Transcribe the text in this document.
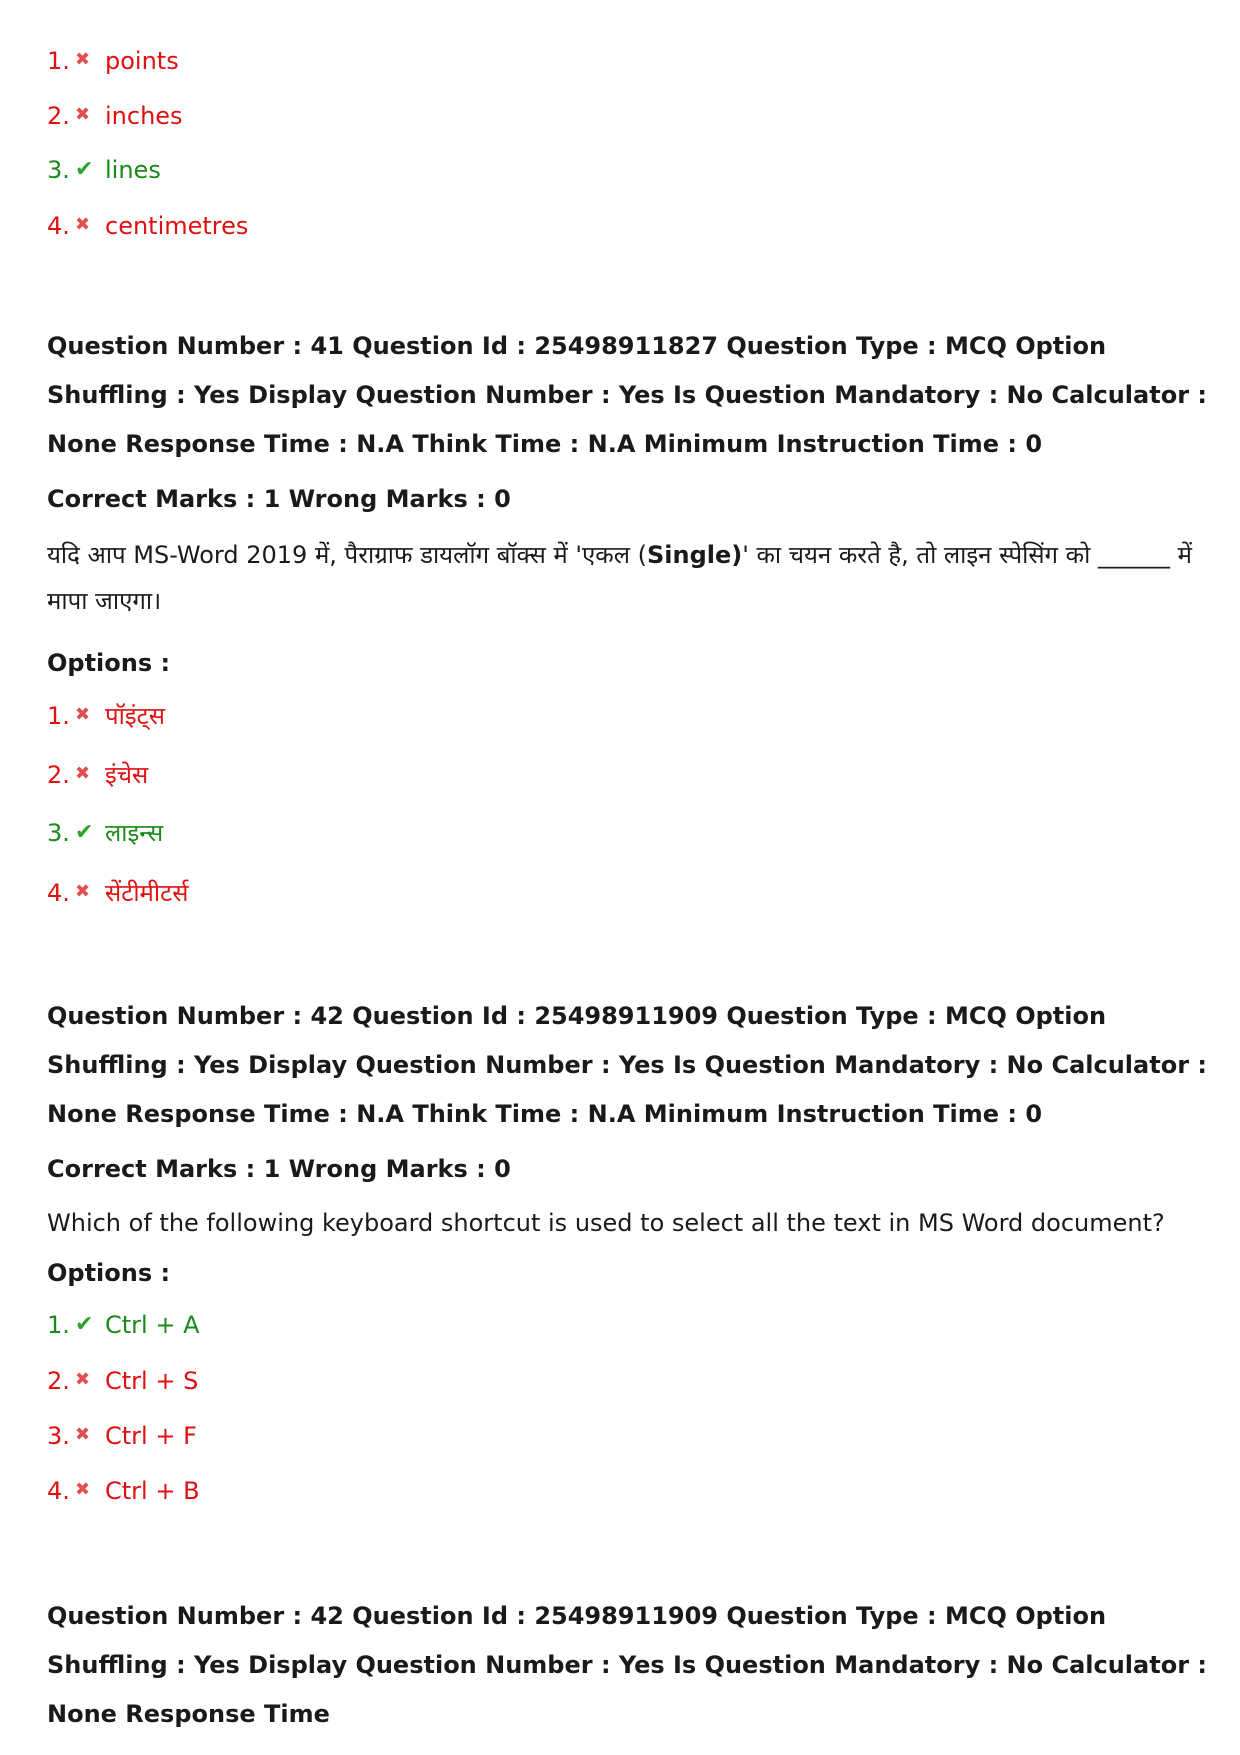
1. ✖ points
2. ✖ inches
3. ✔ lines
4. ✖ centimetres
Question Number : 41 Question Id : 25498911827 Question Type : MCQ Option Shuffling : Yes Display Question Number : Yes Is Question Mandatory : No Calculator : None Response Time : N.A Think Time : N.A Minimum Instruction Time : 0
Correct Marks : 1 Wrong Marks : 0
यदि आप MS-Word 2019 में, पैराग्राफ डायलॉग बॉक्स में 'एकल (Single)' का चयन करते है, तो लाइन स्पेसिंग को ______ में मापा जाएगा।
Options :
1. ✖ पॉइंट्स
2. ✖ इंचेस
3. ✔ लाइन्स
4. ✖ सेंटीमीटर्स
Question Number : 42 Question Id : 25498911909 Question Type : MCQ Option Shuffling : Yes Display Question Number : Yes Is Question Mandatory : No Calculator : None Response Time : N.A Think Time : N.A Minimum Instruction Time : 0
Correct Marks : 1 Wrong Marks : 0
Which of the following keyboard shortcut is used to select all the text in MS Word document?
Options :
1. ✔ Ctrl + A
2. ✖ Ctrl + S
3. ✖ Ctrl + F
4. ✖ Ctrl + B
Question Number : 42 Question Id : 25498911909 Question Type : MCQ Option Shuffling : Yes Display Question Number : Yes Is Question Mandatory : No Calculator : None Response Time
